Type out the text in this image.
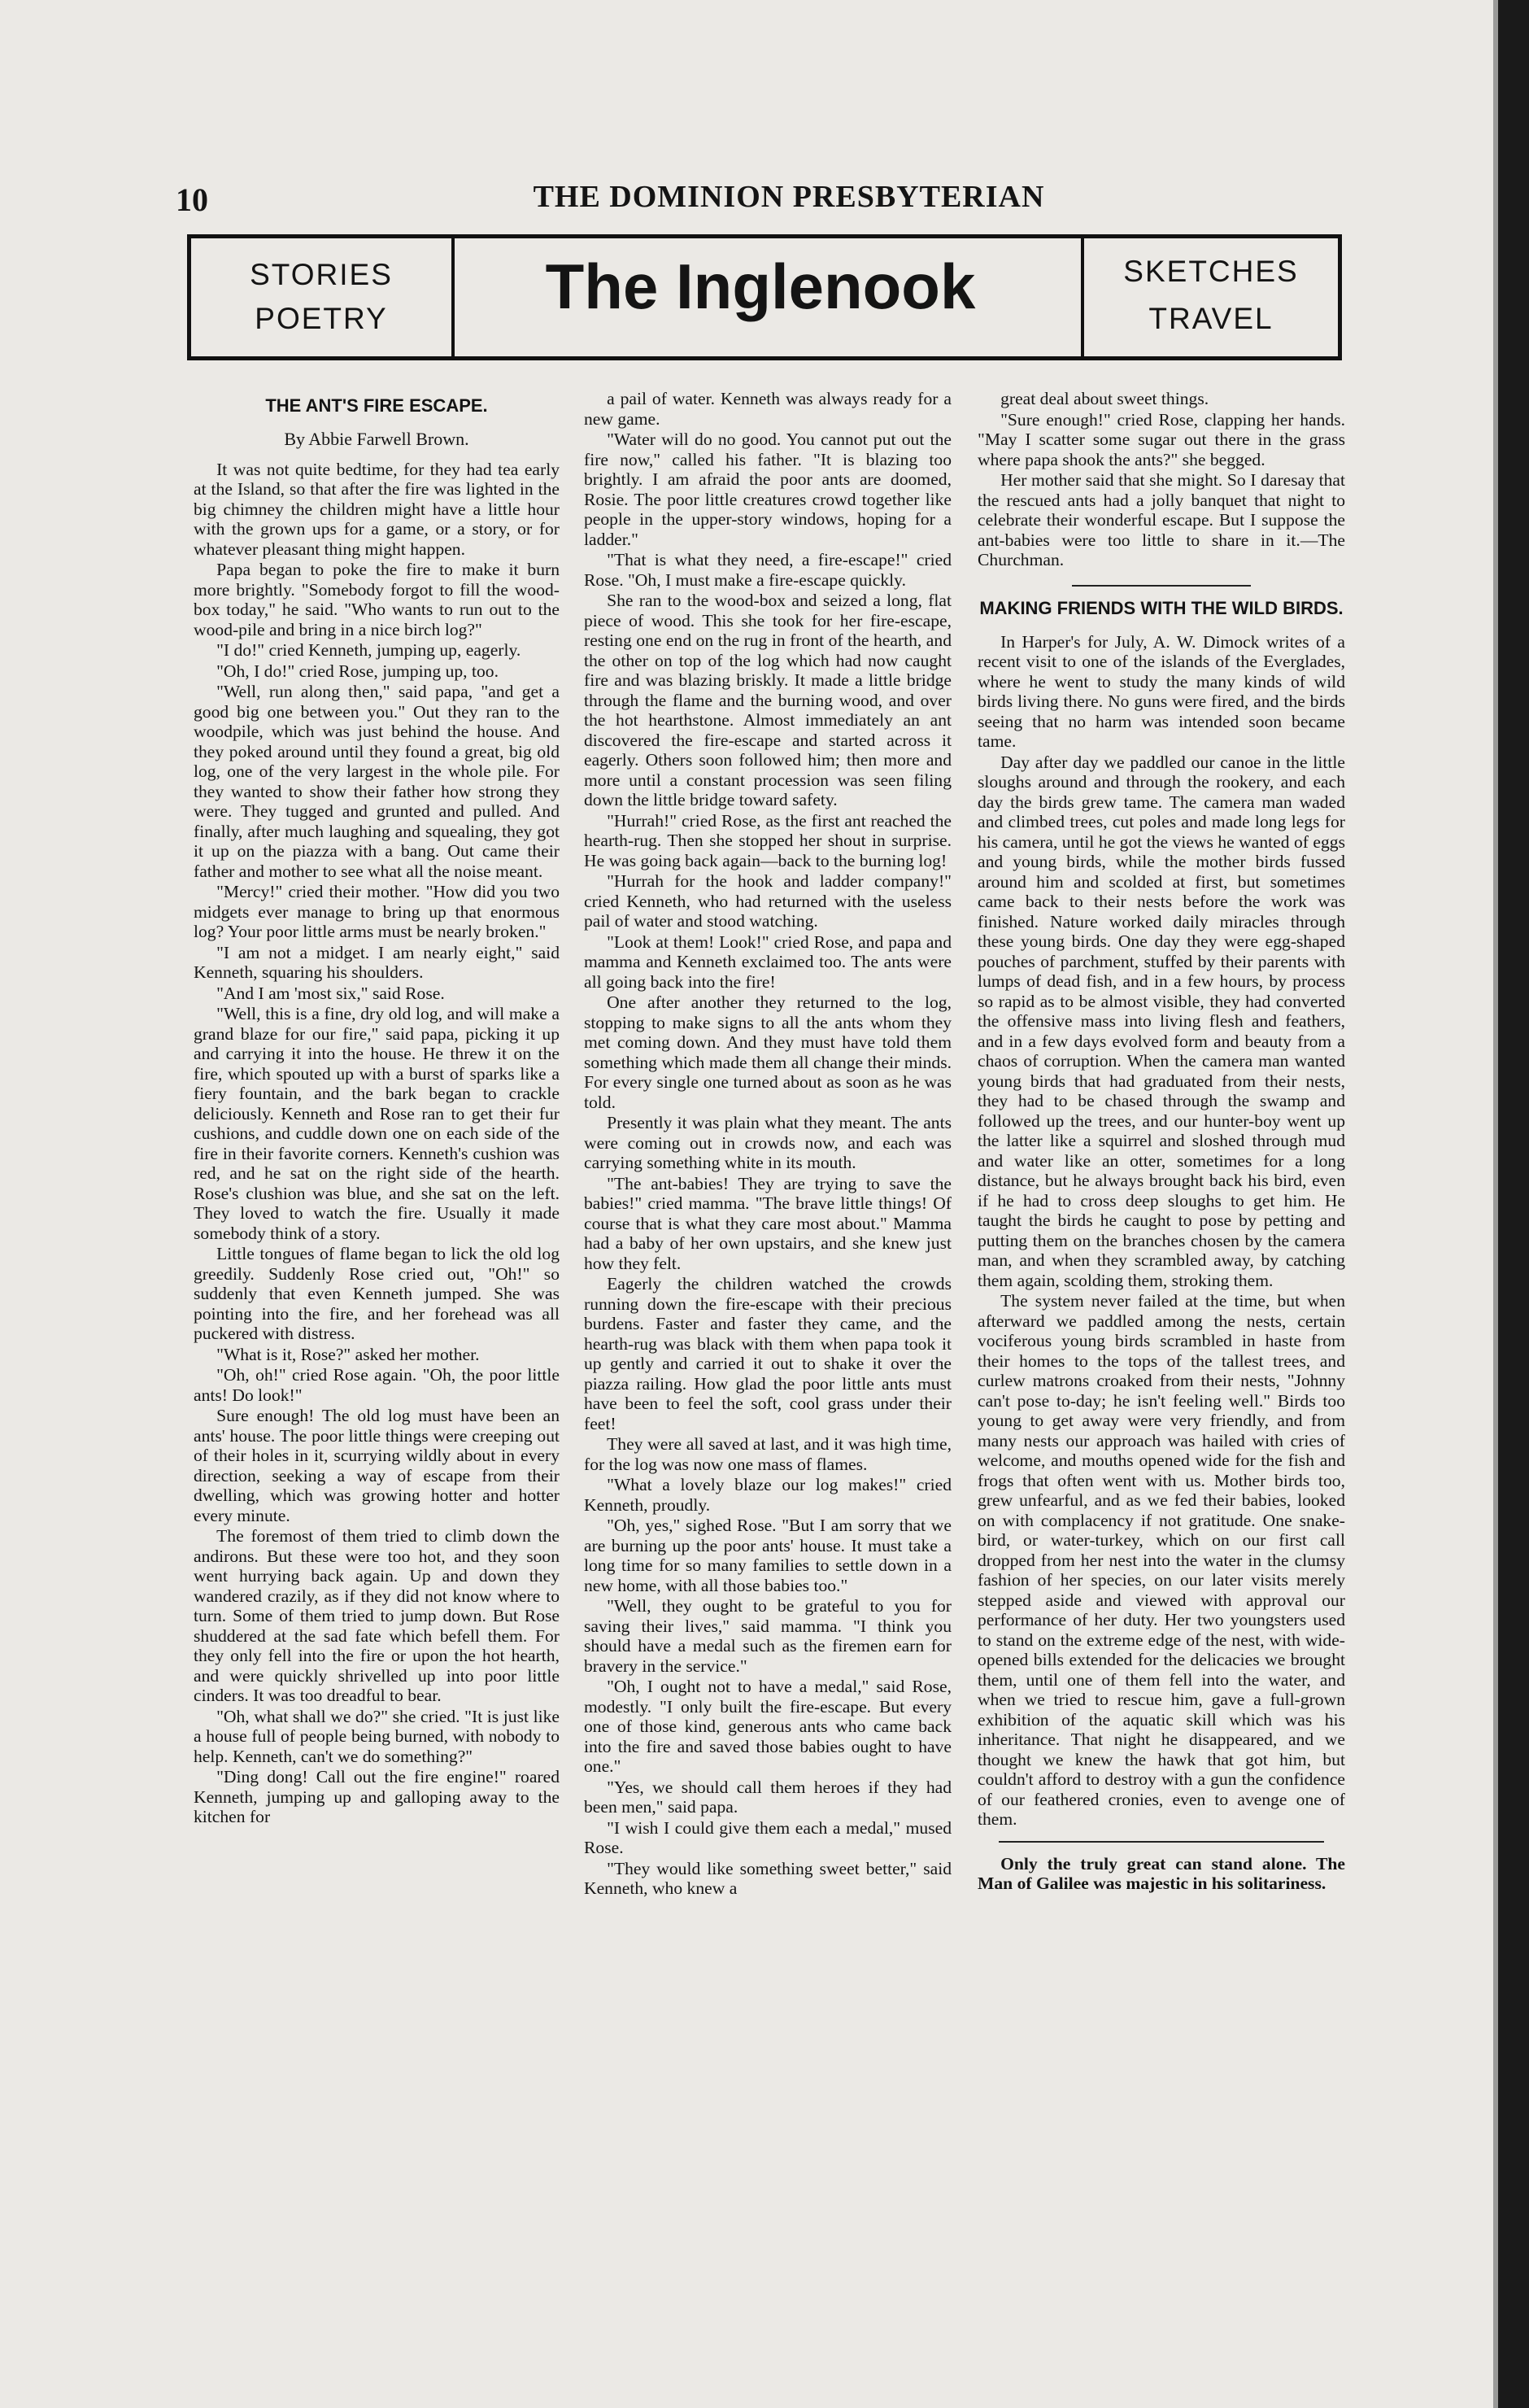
10	THE DOMINION PRESBYTERIAN
STORIES
POETRY	The Inglenook	SKETCHES
TRAVEL
THE ANT'S FIRE ESCAPE.
By Abbie Farwell Brown.

It was not quite bedtime, for they had tea early at the Island, so that after the fire was lighted in the big chimney the children might have a little hour with the grown ups for a game, or a story, or for whatever pleasant thing might happen.

Papa began to poke the fire to make it burn more brightly. "Somebody forgot to fill the wood-box today," he said. "Who wants to run out to the wood-pile and bring in a nice birch log?"

"I do!" cried Kenneth, jumping up, eagerly.

"Oh, I do!" cried Rose, jumping up, too.

"Well, run along then," said papa, "and get a good big one between you." Out they ran to the woodpile, which was just behind the house. And they poked around until they found a great, big old log, one of the very largest in the whole pile. For they wanted to show their father how strong they were. They tugged and grunted and pulled. And finally, after much laughing and squealing, they got it up on the piazza with a bang. Out came their father and mother to see what all the noise meant.

"Mercy!" cried their mother. "How did you two midgets ever manage to bring up that enormous log? Your poor little arms must be nearly broken."

"I am not a midget. I am nearly eight," said Kenneth, squaring his shoulders.

"And I am 'most six," said Rose.

"Well, this is a fine, dry old log, and will make a grand blaze for our fire," said papa, picking it up and carrying it into the house. He threw it on the fire, which spouted up with a burst of sparks like a fiery fountain, and the bark began to crackle deliciously. Kenneth and Rose ran to get their fur cushions, and cuddle down one on each side of the fire in their favorite corners. Kenneth's cushion was red, and he sat on the right side of the hearth. Rose's clushion was blue, and she sat on the left. They loved to watch the fire. Usually it made somebody think of a story.

Little tongues of flame began to lick the old log greedily. Suddenly Rose cried out, "Oh!" so suddenly that even Kenneth jumped. She was pointing into the fire, and her forehead was all puckered with distress.

"What is it, Rose?" asked her mother.

"Oh, oh!" cried Rose again. "Oh, the poor little ants! Do look!"

Sure enough! The old log must have been an ants' house. The poor little things were creeping out of their holes in it, scurrying wildly about in every direction, seeking a way of escape from their dwelling, which was growing hotter and hotter every minute.

The foremost of them tried to climb down the andirons. But these were too hot, and they soon went hurrying back again. Up and down they wandered crazily, as if they did not know where to turn. Some of them tried to jump down. But Rose shuddered at the sad fate which befell them. For they only fell into the fire or upon the hot hearth, and were quickly shrivelled up into poor little cinders. It was too dreadful to bear.

"Oh, what shall we do?" she cried. "It is just like a house full of people being burned, with nobody to help. Kenneth, can't we do something?"

"Ding dong! Call out the fire engine!" roared Kenneth, jumping up and galloping away to the kitchen for

a pail of water. Kenneth was always ready for a new game.

"Water will do no good. You cannot put out the fire now," called his father. "It is blazing too brightly. I am afraid the poor ants are doomed, Rosie. The poor little creatures crowd together like people in the upper-story windows, hoping for a ladder."

"That is what they need, a fire-escape!" cried Rose. "Oh, I must make a fire-escape quickly.

She ran to the wood-box and seized a long, flat piece of wood. This she took for her fire-escape, resting one end on the rug in front of the hearth, and the other on top of the log which had now caught fire and was blazing briskly. It made a little bridge through the flame and the burning wood, and over the hot hearthstone. Almost immediately an ant discovered the fire-escape and started across it eagerly. Others soon followed him; then more and more until a constant procession was seen filing down the little bridge toward safety.

"Hurrah!" cried Rose, as the first ant reached the hearth-rug. Then she stopped her shout in surprise. He was going back again—back to the burning log!

"Hurrah for the hook and ladder company!" cried Kenneth, who had returned with the useless pail of water and stood watching.

"Look at them! Look!" cried Rose, and papa and mamma and Kenneth exclaimed too. The ants were all going back into the fire!

One after another they returned to the log, stopping to make signs to all the ants whom they met coming down. And they must have told them something which made them all change their minds. For every single one turned about as soon as he was told.

Presently it was plain what they meant. The ants were coming out in crowds now, and each was carrying something white in its mouth.

"The ant-babies! They are trying to save the babies!" cried mamma. "The brave little things! Of course that is what they care most about." Mamma had a baby of her own upstairs, and she knew just how they felt.

Eagerly the children watched the crowds running down the fire-escape with their precious burdens. Faster and faster they came, and the hearth-rug was black with them when papa took it up gently and carried it out to shake it over the piazza railing. How glad the poor little ants must have been to feel the soft, cool grass under their feet!

They were all saved at last, and it was high time, for the log was now one mass of flames.

"What a lovely blaze our log makes!" cried Kenneth, proudly.

"Oh, yes," sighed Rose. "But I am sorry that we are burning up the poor ants' house. It must take a long time for so many families to settle down in a new home, with all those babies too."

"Well, they ought to be grateful to you for saving their lives," said mamma. "I think you should have a medal such as the firemen earn for bravery in the service."

"Oh, I ought not to have a medal," said Rose, modestly. "I only built the fire-escape. But every one of those kind, generous ants who came back into the fire and saved those babies ought to have one."

"Yes, we should call them heroes if they had been men," said papa.

"I wish I could give them each a medal," mused Rose.

"They would like something sweet better," said Kenneth, who knew a

great deal about sweet things.

"Sure enough!" cried Rose, clapping her hands. "May I scatter some sugar out there in the grass where papa shook the ants?" she begged.

Her mother said that she might. So I daresay that the rescued ants had a jolly banquet that night to celebrate their wonderful escape. But I suppose the ant-babies were too little to share in it.—The Churchman.

MAKING FRIENDS WITH THE WILD BIRDS.

In Harper's for July, A. W. Dimock writes of a recent visit to one of the islands of the Everglades, where he went to study the many kinds of wild birds living there. No guns were fired, and the birds seeing that no harm was intended soon became tame.

Day after day we paddled our canoe in the little sloughs around and through the rookery, and each day the birds grew tame. The camera man waded and climbed trees, cut poles and made long legs for his camera, until he got the views he wanted of eggs and young birds, while the mother birds fussed around him and scolded at first, but sometimes came back to their nests before the work was finished. Nature worked daily miracles through these young birds. One day they were egg-shaped pouches of parchment, stuffed by their parents with lumps of dead fish, and in a few hours, by process so rapid as to be almost visible, they had converted the offensive mass into living flesh and feathers, and in a few days evolved form and beauty from a chaos of corruption. When the camera man wanted young birds that had graduated from their nests, they had to be chased through the swamp and followed up the trees, and our hunter-boy went up the latter like a squirrel and sloshed through mud and water like an otter, sometimes for a long distance, but he always brought back his bird, even if he had to cross deep sloughs to get him. He taught the birds he caught to pose by petting and putting them on the branches chosen by the camera man, and when they scrambled away, by catching them again, scolding them, stroking them.

The system never failed at the time, but when afterward we paddled among the nests, certain vociferous young birds scrambled in haste from their homes to the tops of the tallest trees, and curlew matrons croaked from their nests, "Johnny can't pose to-day; he isn't feeling well." Birds too young to get away were very friendly, and from many nests our approach was hailed with cries of welcome, and mouths opened wide for the fish and frogs that often went with us. Mother birds too, grew unfearful, and as we fed their babies, looked on with complacency if not gratitude. One snake-bird, or water-turkey, which on our first call dropped from her nest into the water in the clumsy fashion of her species, on our later visits merely stepped aside and viewed with approval our performance of her duty. Her two youngsters used to stand on the extreme edge of the nest, with wide-opened bills extended for the delicacies we brought them, until one of them fell into the water, and when we tried to rescue him, gave a full-grown exhibition of the aquatic skill which was his inheritance. That night he disappeared, and we thought we knew the hawk that got him, but couldn't afford to destroy with a gun the confidence of our feathered cronies, even to avenge one of them.

Only the truly great can stand alone. The Man of Galilee was majestic in his solitariness.
